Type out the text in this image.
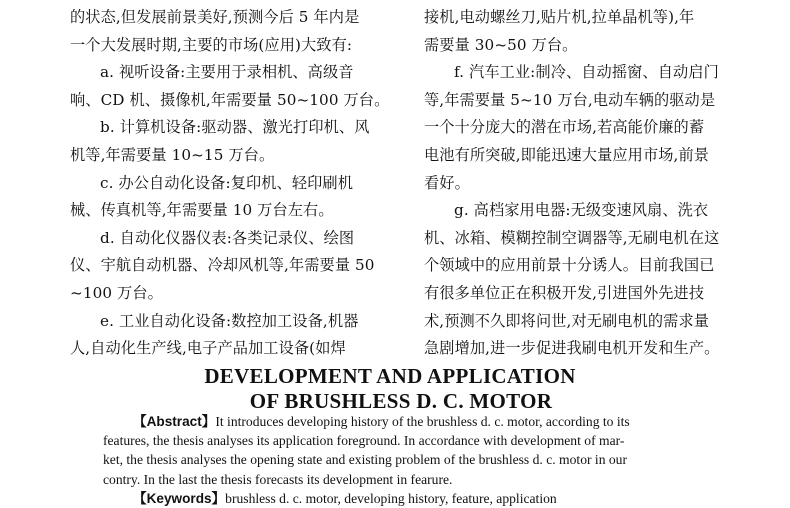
的状态,但发展前景美好,预测今后 5 年内是
一个大发展时期,主要的市场(应用)大致有:
a. 视听设备:主要用于录相机、高级音
响、CD 机、摄像机,年需要量 50~100 万台。
b. 计算机设备:驱动器、激光打印机、风
机等,年需要量 10~15 万台。
c. 办公自动化设备:复印机、轻印刷机
械、传真机等,年需要量 10 万台左右。
d. 自动化仪器仪表:各类记录仪、绘图
仪、宇航自动机器、冷却风机等,年需要量 50
~100 万台。
e. 工业自动化设备:数控加工设备,机器
人,自动化生产线,电子产品加工设备(如焊
接机,电动螺丝刀,贴片机,拉单晶机等),年
需要量 30~50 万台。
f. 汽车工业:制冷、自动摇窗、自动启门
等,年需要量 5~10 万台,电动车辆的驱动是
一个十分庞大的潜在市场,若高能价廉的蓄
电池有所突破,即能迅速大量应用市场,前景
看好。
g. 高档家用电器:无级变速风扇、洗衣
机、冰箱、模糊控制空调器等,无刷电机在这
个领域中的应用前景十分诱人。目前我国已
有很多单位正在积极开发,引进国外先进技
术,预测不久即将问世,对无刷电机的需求量
急剧增加,进一步促进我刷电机开发和生产。
DEVELOPMENT AND APPLICATION
OF BRUSHLESS D. C. MOTOR
【Abstract】It introduces developing history of the brushless d. c. motor, according to its
features, the thesis analyses its application foreground. In accordance with development of mar-
ket, the thesis analyses the opening state and existing problem of the brushless d. c. motor in our
contry. In the last the thesis forecasts its development in fearure.
【Keywords】brushless d. c. motor, developing history, feature, application
